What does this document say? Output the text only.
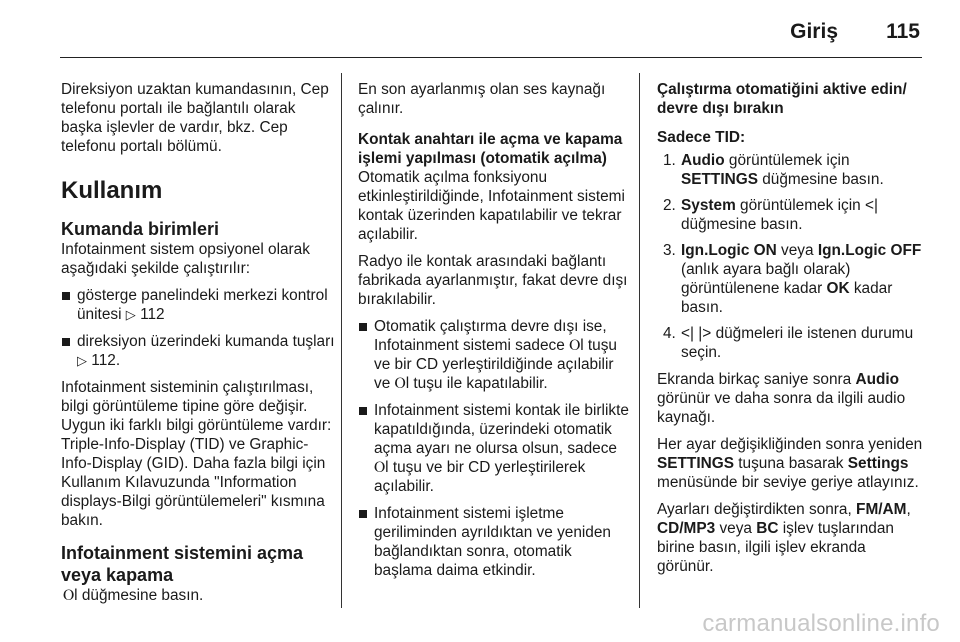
Giriş 115

Direksiyon uzaktan kumandasının, Cep telefonu portalı ile bağlantılı olarak başka işlevler de vardır, bkz. Cep telefonu portalı bölümü.

Kullanım
Kumanda birimleri

Infotainment sistem opsiyonel olarak aşağıdaki şekilde çalıştırılır:

gösterge panelindeki merkezi kontrol ünitesi ▷ 112
direksiyon üzerindeki kumanda tuşları ▷ 112.

Infotainment sisteminin çalıştırılması, bilgi görüntüleme tipine göre değişir. Uygun iki farklı bilgi görüntüleme vardır: Triple-Info-Display (TID) ve Graphic-Info-Display (GID). Daha fazla bilgi için Kullanım Kılavuzunda "Information displays-Bilgi görüntülemeleri" kısmına bakın.

Infotainment sistemini açma veya kapama

Ⲟl düğmesine basın.

En son ayarlanmış olan ses kaynağı çalınır.

Kontak anahtarı ile açma ve kapama işlemi yapılması (otomatik açılma)

Otomatik açılma fonksiyonu etkinleştirildiğinde, Infotainment sistemi kontak üzerinden kapatılabilir ve tekrar açılabilir.

Radyo ile kontak arasındaki bağlantı fabrikada ayarlanmıştır, fakat devre dışı bırakılabilir.

Otomatik çalıştırma devre dışı ise, Infotainment sistemi sadece Ⲟl tuşu ve bir CD yerleştirildiğinde açılabilir ve Ⲟl tuşu ile kapatılabilir.
Infotainment sistemi kontak ile birlikte kapatıldığında, üzerindeki otomatik açma ayarı ne olursa olsun, sadece Ⲟl tuşu ve bir CD yerleştirilerek açılabilir.
Infotainment sistemi işletme geriliminden ayrıldıktan ve yeniden bağlandıktan sonra, otomatik başlama daima etkindir.
Çalıştırma otomatiğini aktive edin/ devre dışı bırakın
Sadece TID:
1. Audio görüntülemek için SETTINGS düğmesine basın.
2. System görüntülemek için <| düğmesine basın.
3. Ign.Logic ON veya Ign.Logic OFF (anlık ayara bağlı olarak) görüntülenene kadar OK kadar basın.
4. <| |> düğmeleri ile istenen durumu seçin.

Ekranda birkaç saniye sonra Audio görünür ve daha sonra da ilgili audio kaynağı.

Her ayar değişikliğinden sonra yeniden SETTINGS tuşuna basarak Settings menüsünde bir seviye geriye atlayınız.

Ayarları değiştirdikten sonra, FM/AM, CD/MP3 veya BC işlev tuşlarından birine basın, ilgili işlev ekranda görünür.

carmanualsonline.info
